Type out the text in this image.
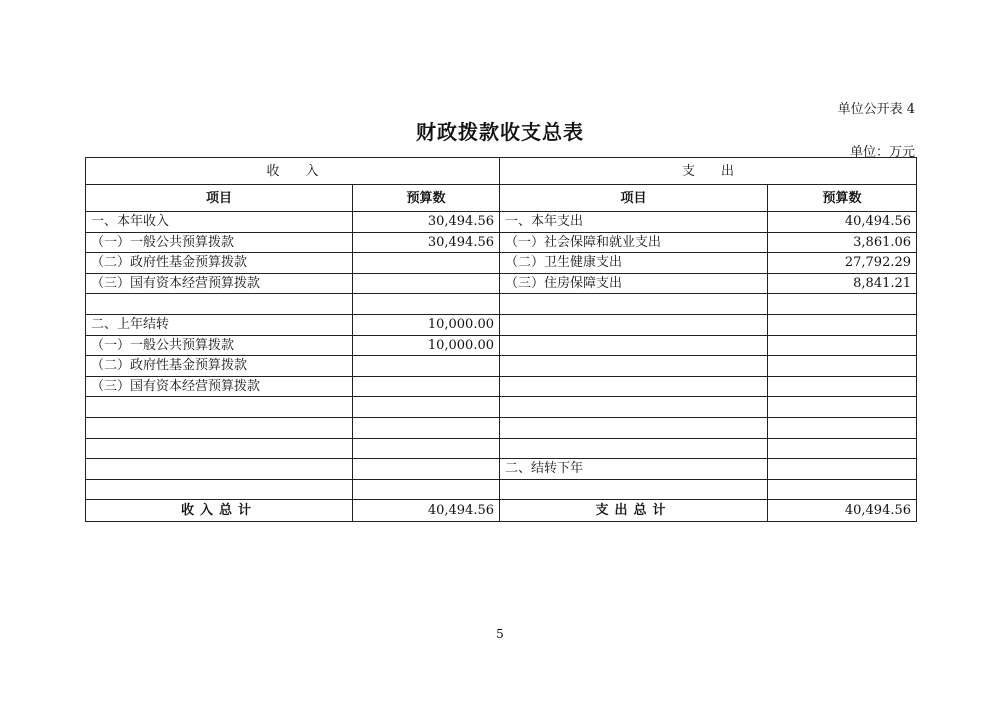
单位公开表 4
财政拨款收支总表
单位：万元
收　　入		支　　出	
项目	预算数	项目	预算数
一、本年收入	30,494.56	一、本年支出	40,494.56
（一）一般公共预算拨款	30,494.56	（一）社会保障和就业支出	3,861.06
（二）政府性基金预算拨款		（二）卫生健康支出	27,792.29
（三）国有资本经营预算拨款		（三）住房保障支出	8,841.21

二、上年结转	10,000.00		
（一）一般公共预算拨款	10,000.00		
（二）政府性基金预算拨款			
（三）国有资本经营预算拨款			

		二、结转下年	

收入总计	40,494.56	支出总计	40,494.56
5
